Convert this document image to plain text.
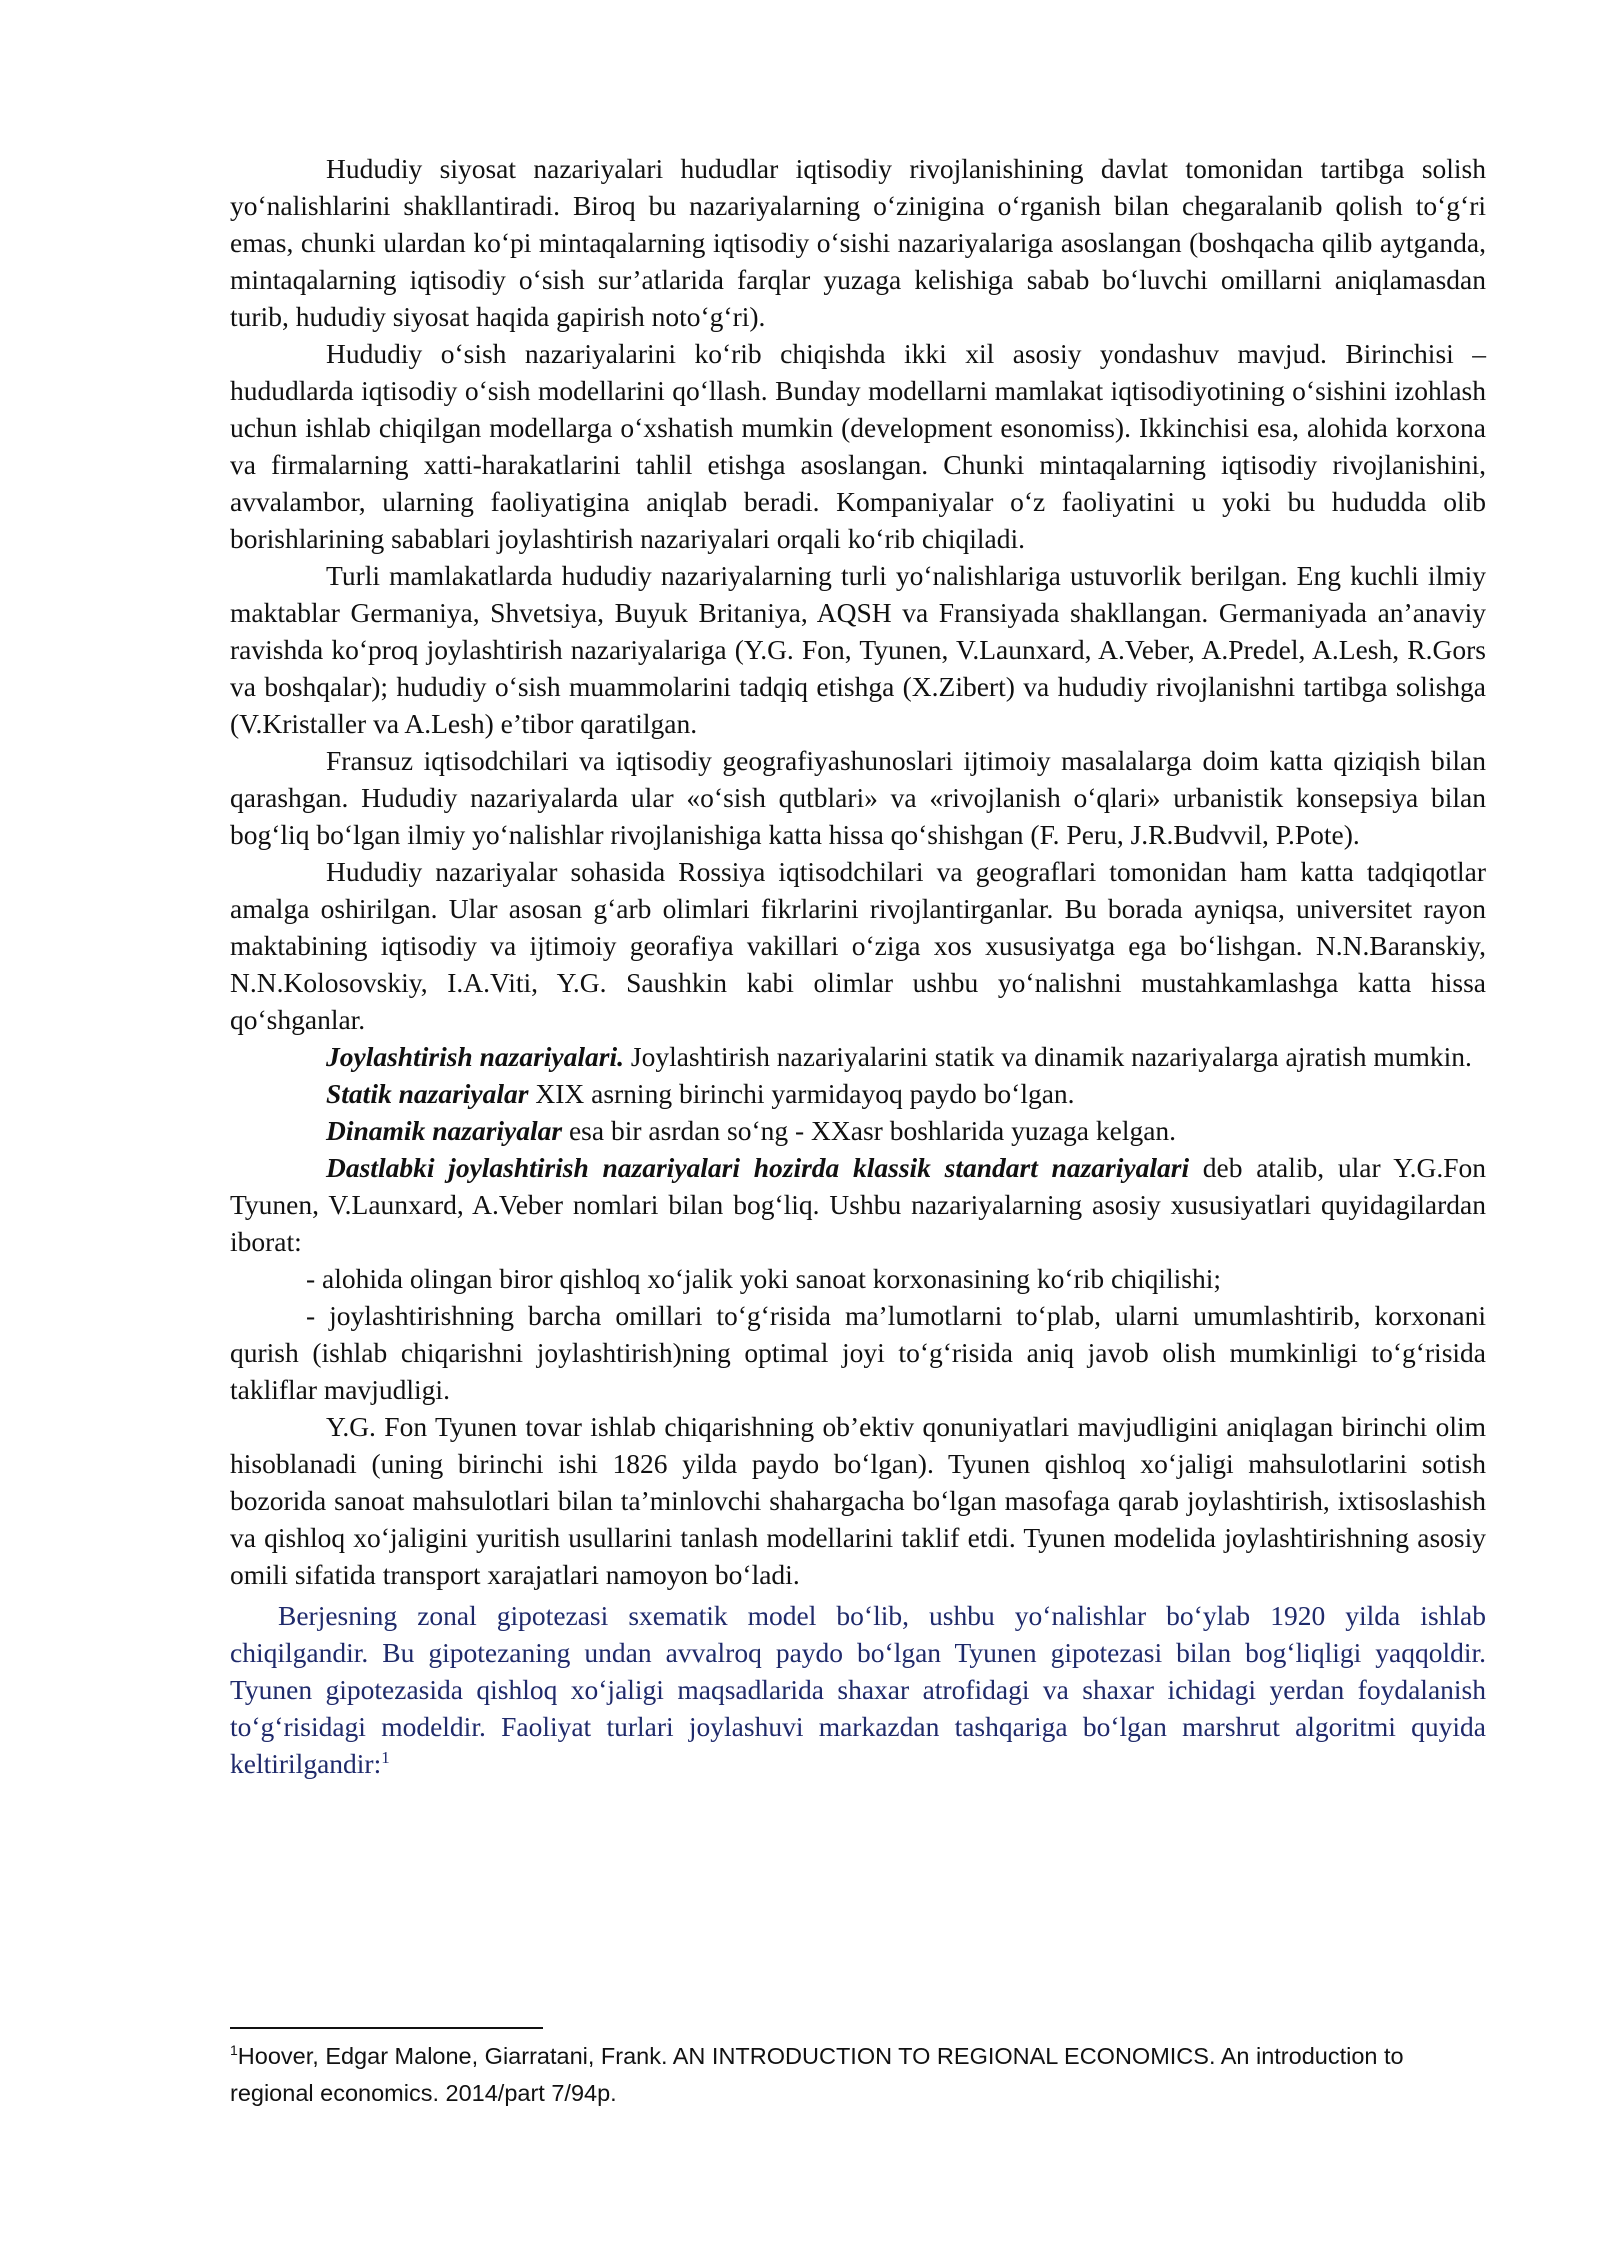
Hududiy siyosat nazariyalari hududlar iqtisodiy rivojlanishining davlat tomonidan tartibga solish yo‘nalishlarini shakllantiradi. Biroq bu nazariyalarning o‘zinigina o‘rganish bilan chegaralanib qolish to‘g‘ri emas, chunki ulardan ko‘pi mintaqalarning iqtisodiy o‘sishi nazariyalariga asoslangan (boshqacha qilib aytganda, mintaqalarning iqtisodiy o‘sish sur’atlarida farqlar yuzaga kelishiga sabab bo‘luvchi omillarni aniqlamasdan turib, hududiy siyosat haqida gapirish noto‘g‘ri).

Hududiy o‘sish nazariyalarini ko‘rib chiqishda ikki xil asosiy yondashuv mavjud. Birinchisi – hududlarda iqtisodiy o‘sish modellarini qo‘llash. Bunday modellarni mamlakat iqtisodiyotining o‘sishini izohlash uchun ishlab chiqilgan modellarga o‘xshatish mumkin (development esonomiss). Ikkinchisi esa, alohida korxona va firmalarning xatti-harakatlarini tahlil etishga asoslangan. Chunki mintaqalarning iqtisodiy rivojlanishini, avvalambor, ularning faoliyatigina aniqlab beradi. Kompaniyalar o‘z faoliyatini u yoki bu hududda olib borishlarining sabablari joylashtirish nazariyalari orqali ko‘rib chiqiladi.

Turli mamlakatlarda hududiy nazariyalarning turli yo‘nalishlariga ustuvorlik berilgan. Eng kuchli ilmiy maktablar Germaniya, Shvetsiya, Buyuk Britaniya, AQSH va Fransiyada shakllangan. Germaniyada an’anaviy ravishda ko‘proq joylashtirish nazariyalariga (Y.G. Fon, Tyunen, V.Launxard, A.Veber, A.Predel, A.Lesh, R.Gors va boshqalar); hududiy o‘sish muammolarini tadqiq etishga (X.Zibert) va hududiy rivojlanishni tartibga solishga (V.Kristaller va A.Lesh) e’tibor qaratilgan.

Fransuz iqtisodchilari va iqtisodiy geografiyashunoslari ijtimoiy masalalarga doim katta qiziqish bilan qarashgan. Hududiy nazariyalarda ular «o‘sish qutblari» va «rivojlanish o‘qlari» urbanistik konsepsiya bilan bog‘liq bo‘lgan ilmiy yo‘nalishlar rivojlanishiga katta hissa qo‘shishgan (F. Peru, J.R.Budvvil, P.Pote).

Hududiy nazariyalar sohasida Rossiya iqtisodchilari va geograflari tomonidan ham katta tadqiqotlar amalga oshirilgan. Ular asosan g‘arb olimlari fikrlarini rivojlantirganlar. Bu borada ayniqsa, universitet rayon maktabining iqtisodiy va ijtimoiy georafiya vakillari o‘ziga xos xususiyatga ega bo‘lishgan. N.N.Baranskiy, N.N.Kolosovskiy, I.A.Viti, Y.G. Saushkin kabi olimlar ushbu yo‘nalishni mustahkamlashga katta hissa qo‘shganlar.

Joylashtirish nazariyalari. Joylashtirish nazariyalarini statik va dinamik nazariyalarga ajratish mumkin.

Statik nazariyalar XIX asrning birinchi yarmidayoq paydo bo‘lgan.

Dinamik nazariyalar esa bir asrdan so‘ng - XXasr boshlarida yuzaga kelgan.

Dastlabki joylashtirish nazariyalari hozirda klassik standart nazariyalari deb atalib, ular Y.G.Fon Tyunen, V.Launxard, A.Veber nomlari bilan bog‘liq. Ushbu nazariyalarning asosiy xususiyatlari quyidagilardan iborat:

- alohida olingan biror qishloq xo‘jalik yoki sanoat korxonasining ko‘rib chiqilishi;

- joylashtirishning barcha omillari to‘g‘risida ma’lumotlarni to‘plab, ularni umumlashtirib, korxonani qurish (ishlab chiqarishni joylashtirish)ning optimal joyi to‘g‘risida aniq javob olish mumkinligi to‘g‘risida takliflar mavjudligi.

Y.G. Fon Tyunen tovar ishlab chiqarishning ob’ektiv qonuniyatlari mavjudligini aniqlagan birinchi olim hisoblanadi (uning birinchi ishi 1826 yilda paydo bo‘lgan). Tyunen qishloq xo‘jaligi mahsulotlarini sotish bozorida sanoat mahsulotlari bilan ta’minlovchi shahargacha bo‘lgan masofaga qarab joylashtirish, ixtisoslashish va qishloq xo‘jaligini yuritish usullarini tanlash modellarini taklif etdi. Tyunen modelida joylashtirishning asosiy omili sifatida transport xarajatlari namoyon bo‘ladi.

Berjesning zonal gipotezasi sxematik model bo‘lib, ushbu yo‘nalishlar bo‘ylab 1920 yilda ishlab chiqilgandir. Bu gipotezaning undan avvalroq paydo bo‘lgan Tyunen gipotezasi bilan bog‘liqligi yaqqoldir. Tyunen gipotezasida qishloq xo‘jaligi maqsadlarida shaxar atrofidagi va shaxar ichidagi yerdan foydalanish to‘g‘risidagi modeldir. Faoliyat turlari joylashuvi markazdan tashqariga bo‘lgan marshrut algoritmi quyida keltirilgandir:$^1$

$^1$Hoover, Edgar Malone, Giarratani, Frank. AN INTRODUCTION TO REGIONAL ECONOMICS. An introduction to regional economics. 2014/part 7/94p.
